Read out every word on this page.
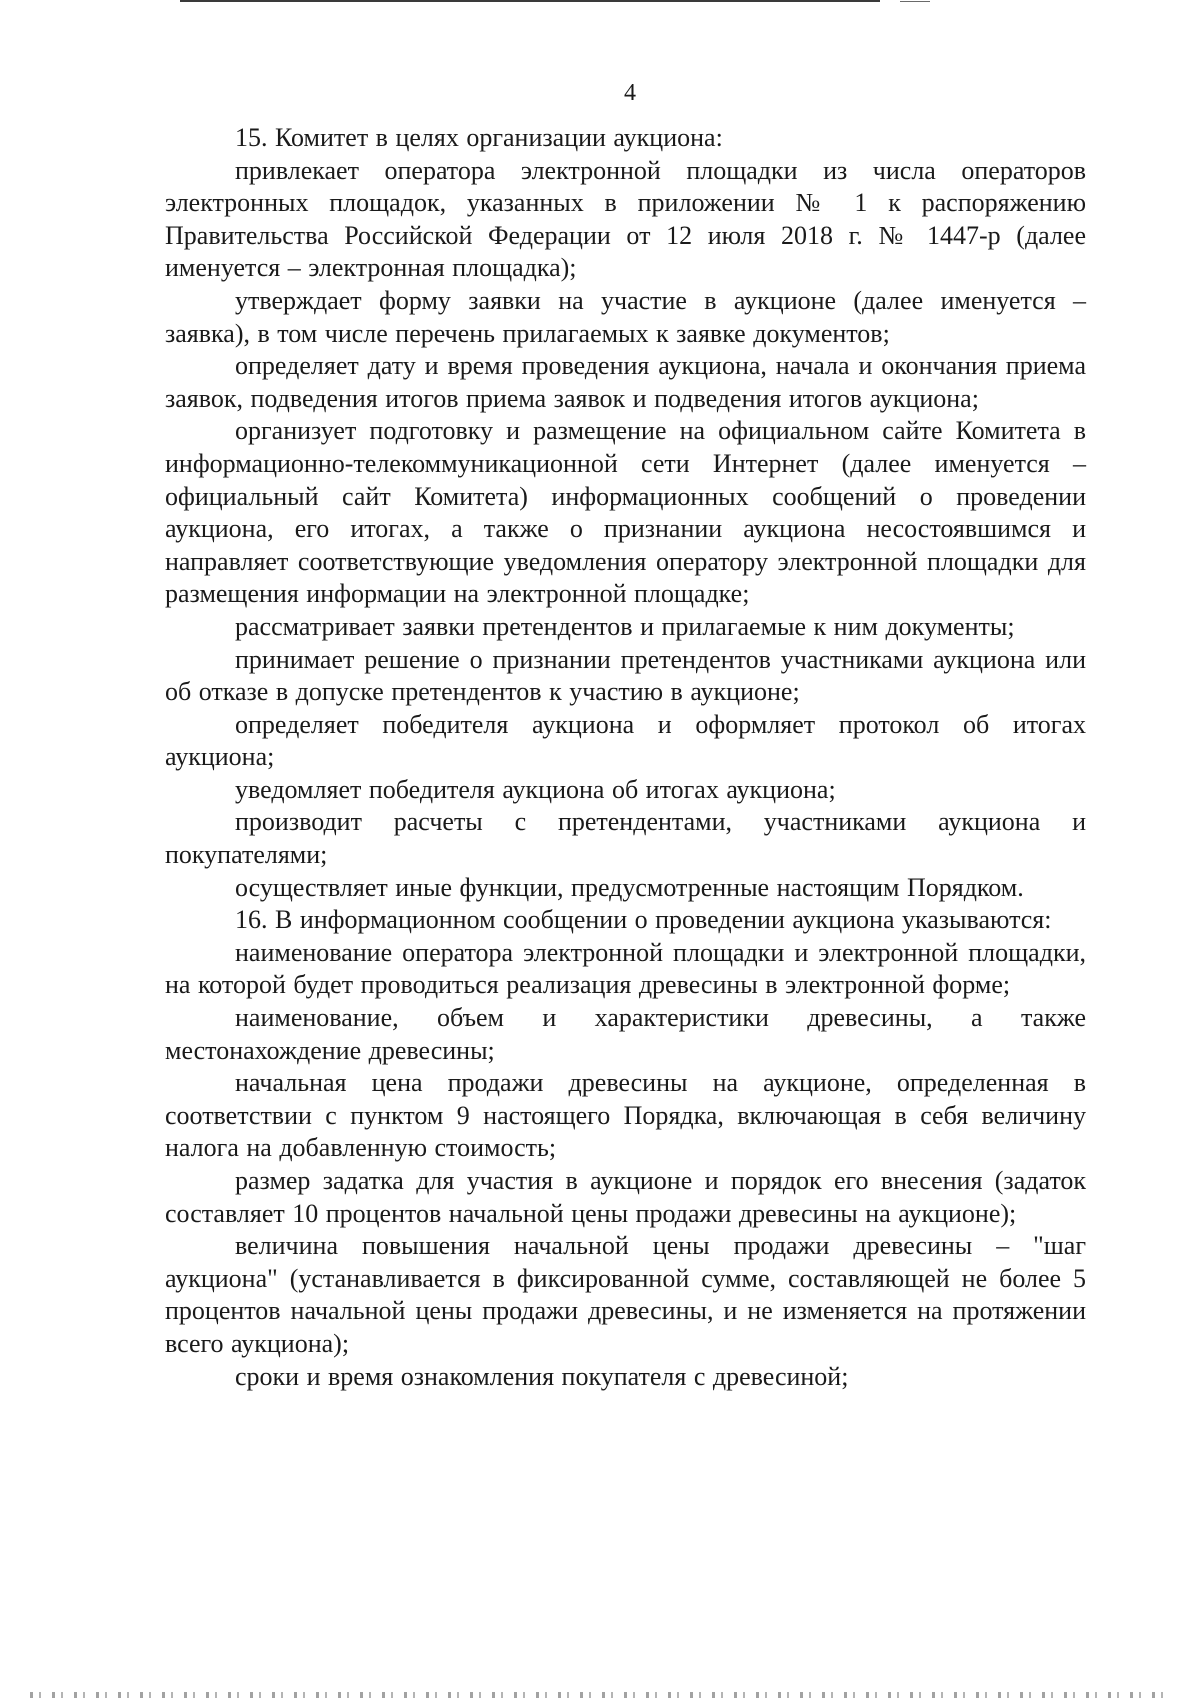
4

15. Комитет в целях организации аукциона:

привлекает оператора электронной площадки из числа операторов электронных площадок, указанных в приложении № 1 к распоряжению Правительства Российской Федерации от 12 июля 2018 г. № 1447-р (далее именуется – электронная площадка);

утверждает форму заявки на участие в аукционе (далее именуется – заявка), в том числе перечень прилагаемых к заявке документов;

определяет дату и время проведения аукциона, начала и окончания приема заявок, подведения итогов приема заявок и подведения итогов аукциона;

организует подготовку и размещение на официальном сайте Комитета в информационно-телекоммуникационной сети Интернет (далее именуется – официальный сайт Комитета) информационных сообщений о проведении аукциона, его итогах, а также о признании аукциона несостоявшимся и направляет соответствующие уведомления оператору электронной площадки для размещения информации на электронной площадке;

рассматривает заявки претендентов и прилагаемые к ним документы;

принимает решение о признании претендентов участниками аукциона или об отказе в допуске претендентов к участию в аукционе;

определяет победителя аукциона и оформляет протокол об итогах аукциона;

уведомляет победителя аукциона об итогах аукциона;

производит расчеты с претендентами, участниками аукциона и покупателями;

осуществляет иные функции, предусмотренные настоящим Порядком.

16. В информационном сообщении о проведении аукциона указываются:

наименование оператора электронной площадки и электронной площадки, на которой будет проводиться реализация древесины в электронной форме;

наименование, объем и характеристики древесины, а также местонахождение древесины;

начальная цена продажи древесины на аукционе, определенная в соответствии с пунктом 9 настоящего Порядка, включающая в себя величину налога на добавленную стоимость;

размер задатка для участия в аукционе и порядок его внесения (задаток составляет 10 процентов начальной цены продажи древесины на аукционе);

величина повышения начальной цены продажи древесины – "шаг аукциона" (устанавливается в фиксированной сумме, составляющей не более 5 процентов начальной цены продажи древесины, и не изменяется на протяжении всего аукциона);

сроки и время ознакомления покупателя с древесиной;
